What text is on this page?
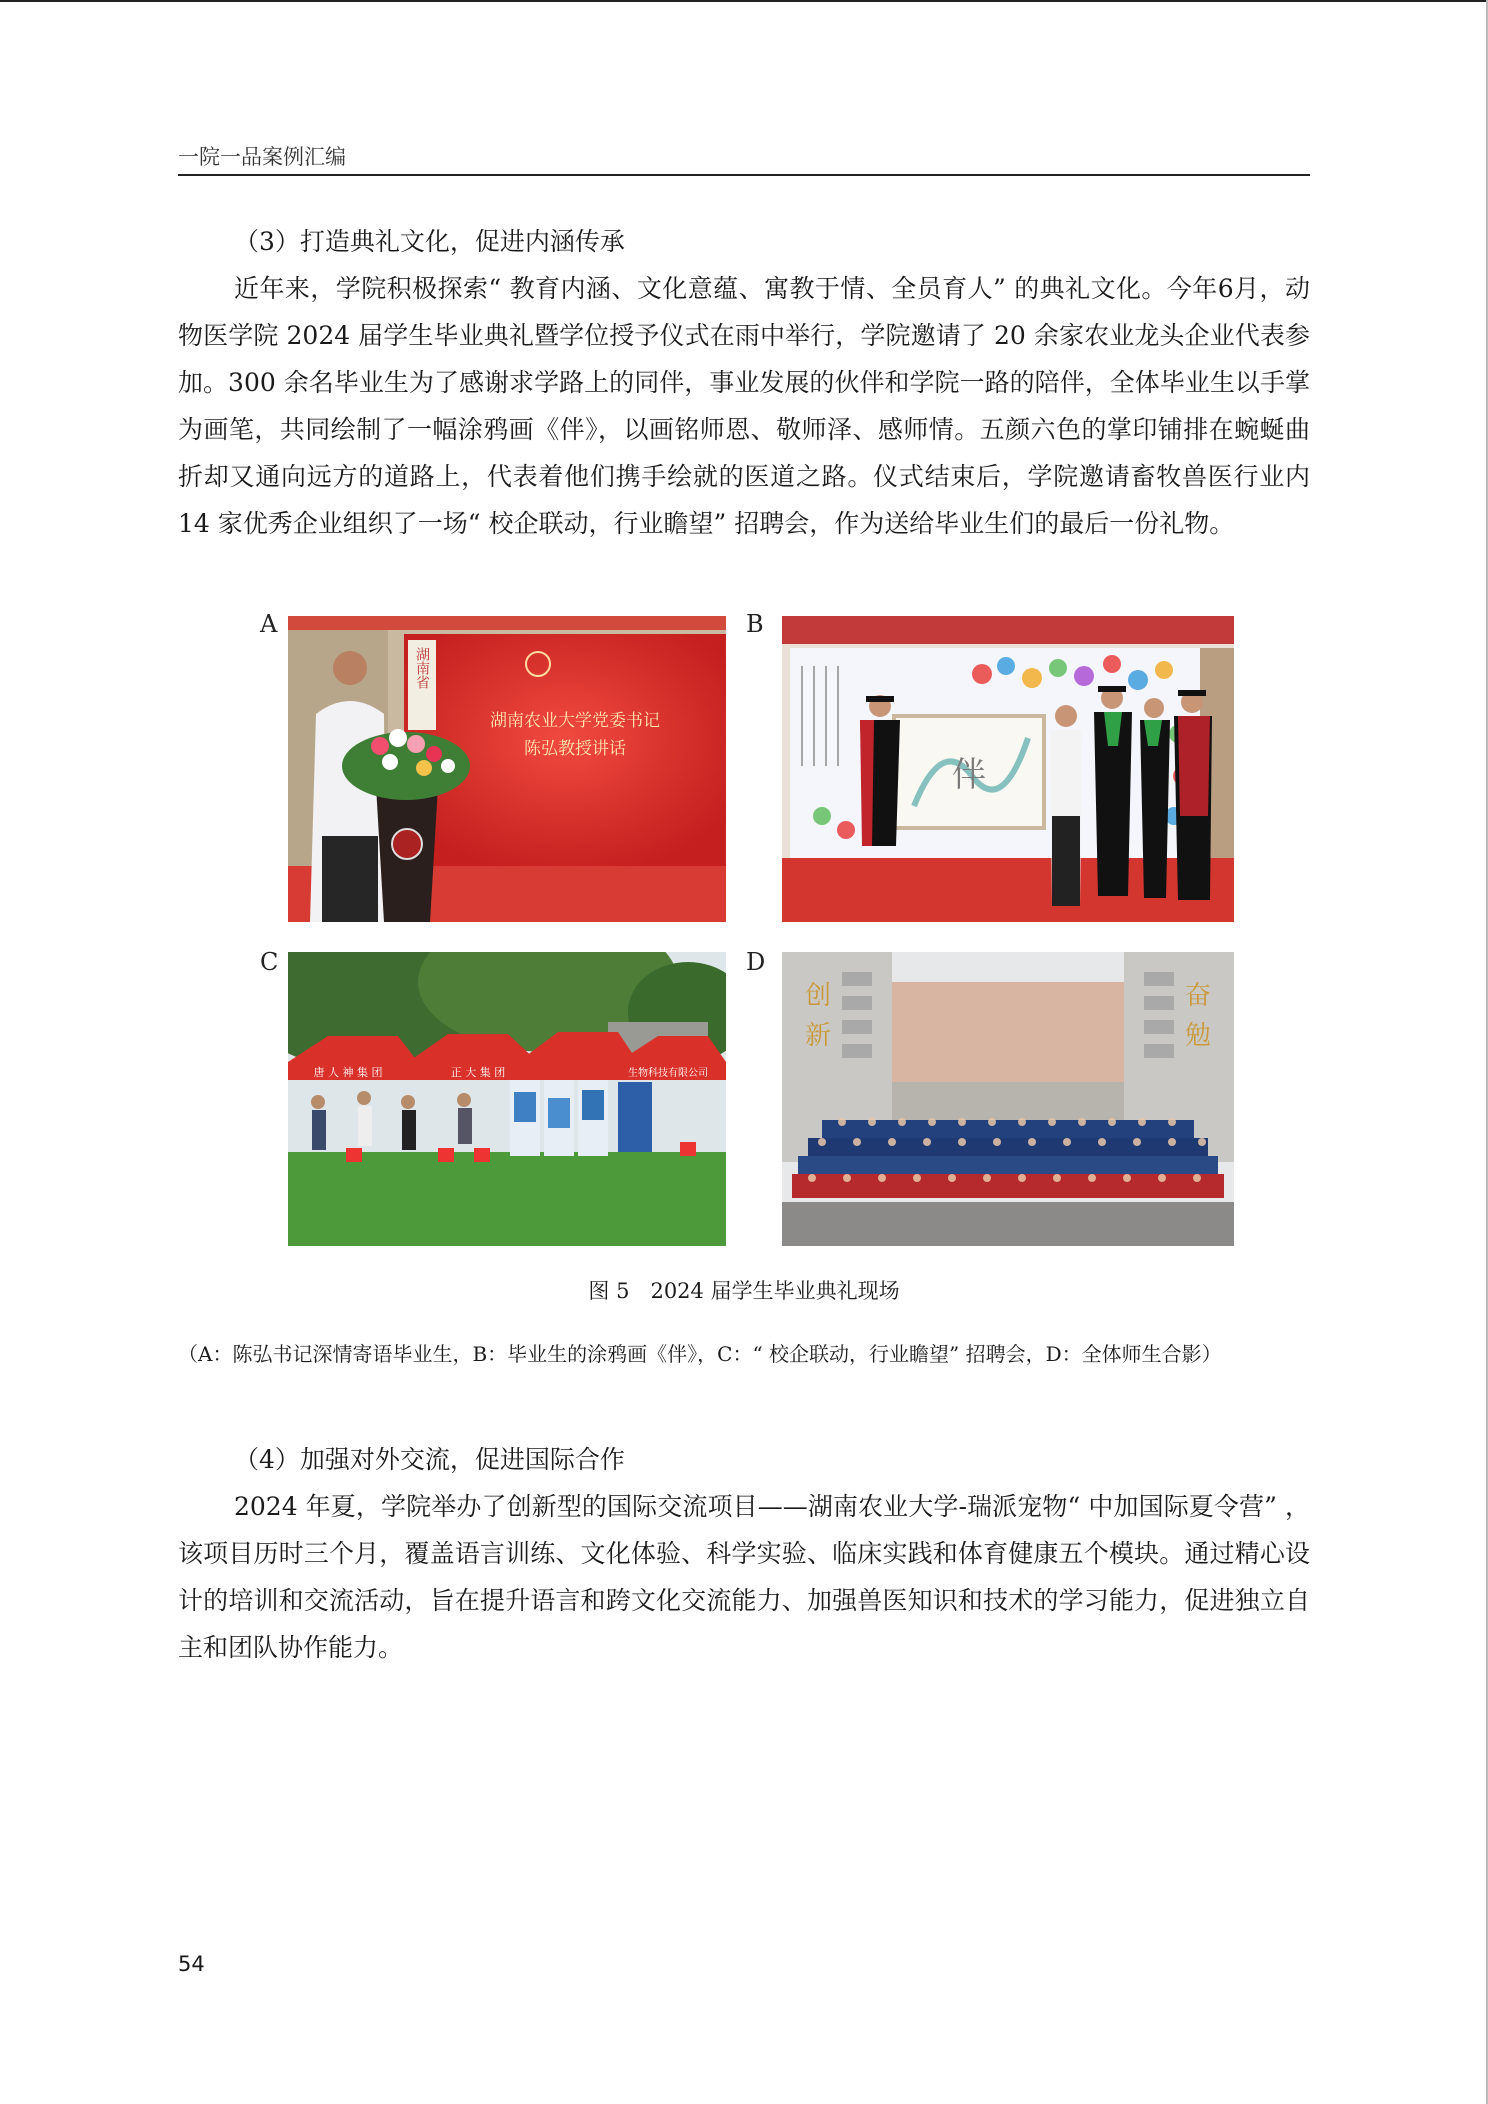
一院一品案例汇编
（3）打造典礼文化，促进内涵传承

近年来，学院积极探索“ 教育内涵、文化意蕴、寓教于情、全员育人” 的典礼文化。今年6月，动物医学院 2024 届学生毕业典礼暨学位授予仪式在雨中举行，学院邀请了 20 余家农业龙头企业代表参加。300 余名毕业生为了感谢求学路上的同伴，事业发展的伙伴和学院一路的陪伴，全体毕业生以手掌为画笔，共同绘制了一幅涂鸦画《伴》，以画铭师恩、敬师泽、感师情。五颜六色的掌印铺排在蜿蜒曲折却又通向远方的道路上，代表着他们携手绘就的医道之路。仪式结束后，学院邀请畜牧兽医行业内 14 家优秀企业组织了一场“ 校企联动，行业瞻望” 招聘会，作为送给毕业生们的最后一份礼物。

A	B
C	D
湖南农业大学党委书记
陈弘教授讲话
湖南省
伴
唐 人 神 集 团	正 大 集 团	生物科技有限公司
创
新
奋
勉
图 5　2024 届学生毕业典礼现场
（A：陈弘书记深情寄语毕业生，B：毕业生的涂鸦画《伴》，C：“ 校企联动，行业瞻望” 招聘会，D：全体师生合影）
（4）加强对外交流，促进国际合作

2024 年夏，学院举办了创新型的国际交流项目——湖南农业大学-瑞派宠物“ 中加国际夏令营” ，该项目历时三个月，覆盖语言训练、文化体验、科学实验、临床实践和体育健康五个模块。通过精心设计的培训和交流活动，旨在提升语言和跨文化交流能力、加强兽医知识和技术的学习能力，促进独立自主和团队协作能力。

54
